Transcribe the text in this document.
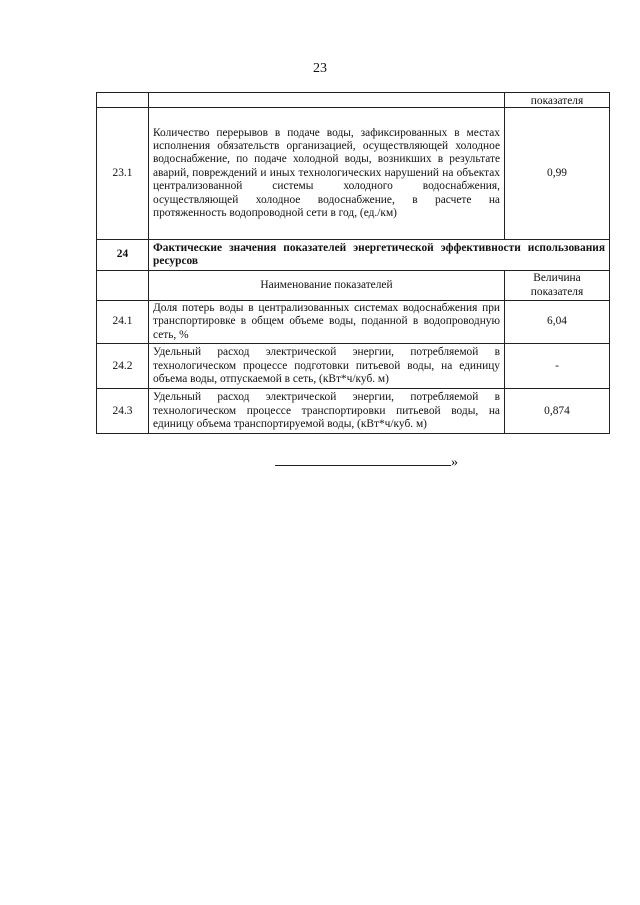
23
		показателя
23.1	Количество перерывов в подаче воды, зафиксированных в местах исполнения обязательств организацией, осуществляющей холодное водоснабжение, по подаче холодной воды, возникших в результате аварий, повреждений и иных технологических нарушений на объектах централизованной системы холодного водоснабжения, осуществляющей холодное водоснабжение, в расчете на протяженность водопроводной сети в год, (ед./км)	0,99
24	Фактические значения показателей энергетической эффективности использования ресурсов	
	Наименование показателей	Величина показателя
24.1	Доля потерь воды в централизованных системах водоснабжения при транспортировке в общем объеме воды, поданной в водопроводную сеть, %	6,04
24.2	Удельный расход электрической энергии, потребляемой в технологическом процессе подготовки питьевой воды, на единицу объема воды, отпускаемой в сеть, (кВт*ч/куб. м)	-
24.3	Удельный расход электрической энергии, потребляемой в технологическом процессе транспортировки питьевой воды, на единицу объема транспортируемой воды, (кВт*ч/куб. м)	0,874
»
